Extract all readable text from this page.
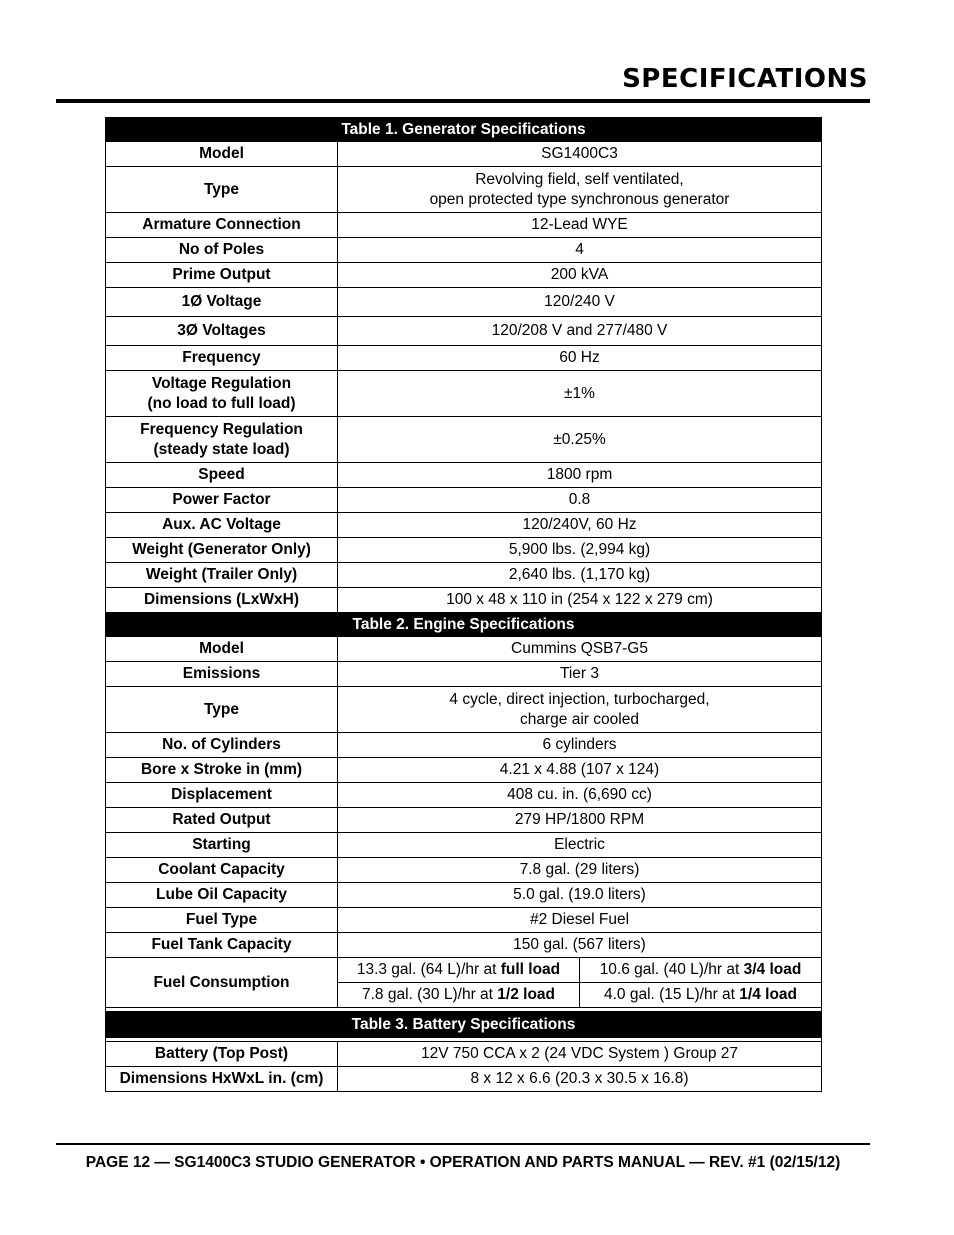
SPECIFICATIONS
Table 1. Generator Specifications		
Model	SG1400C3	
Type	Revolving field, self ventilated,
open protected type synchronous generator	

Armature Connection	12-Lead WYE	
No of Poles	4	
Prime Output	200 kVA	
1Ø Voltage	120/240 V	
3Ø Voltages	120/208 V and 277/480 V	
Frequency	60 Hz	

Voltage Regulation
(no load to full load)	±1%	

Frequency Regulation
(steady state load)	±0.25%	
Speed	1800 rpm	
Power Factor	0.8	
Aux. AC Voltage	120/240V, 60 Hz	
Weight (Generator Only)	5,900 lbs. (2,994 kg)	
Weight (Trailer Only)	2,640 lbs. (1,170 kg)	
Dimensions (LxWxH)	100 x 48 x 110 in (254 x 122 x 279 cm)	
Table 2. Engine Specifications		
Model	Cummins QSB7-G5	
Emissions	Tier 3	
Type	4 cycle, direct injection, turbocharged,
charge air cooled	

No. of Cylinders	6 cylinders	
Bore x Stroke in (mm)	4.21 x 4.88 (107 x 124)	
Displacement	408 cu. in. (6,690 cc)	
Rated Output	279 HP/1800 RPM	
Starting	Electric	
Coolant Capacity	7.8 gal. (29 liters)	
Lube Oil Capacity	5.0 gal. (19.0 liters)	
Fuel Type	#2 Diesel Fuel	
Fuel Tank Capacity	150 gal. (567 liters)	
Fuel Consumption	13.3 gal. (64 L)/hr at full load	10.6 gal. (40 L)/hr at 3/4 load
	7.8 gal. (30 L)/hr at 1/2 load	4.0 gal. (15 L)/hr at 1/4 load

Table 3. Battery Specifications		

Battery (Top Post)	12V 750 CCA x 2 (24 VDC System ) Group 27	
Dimensions HxWxL in. (cm)	8 x 12 x 6.6 (20.3 x 30.5 x 16.8)	
PAGE 12 — SG1400C3 STUDIO GENERATOR • OPERATION AND PARTS MANUAL — REV. #1 (02/15/12)
